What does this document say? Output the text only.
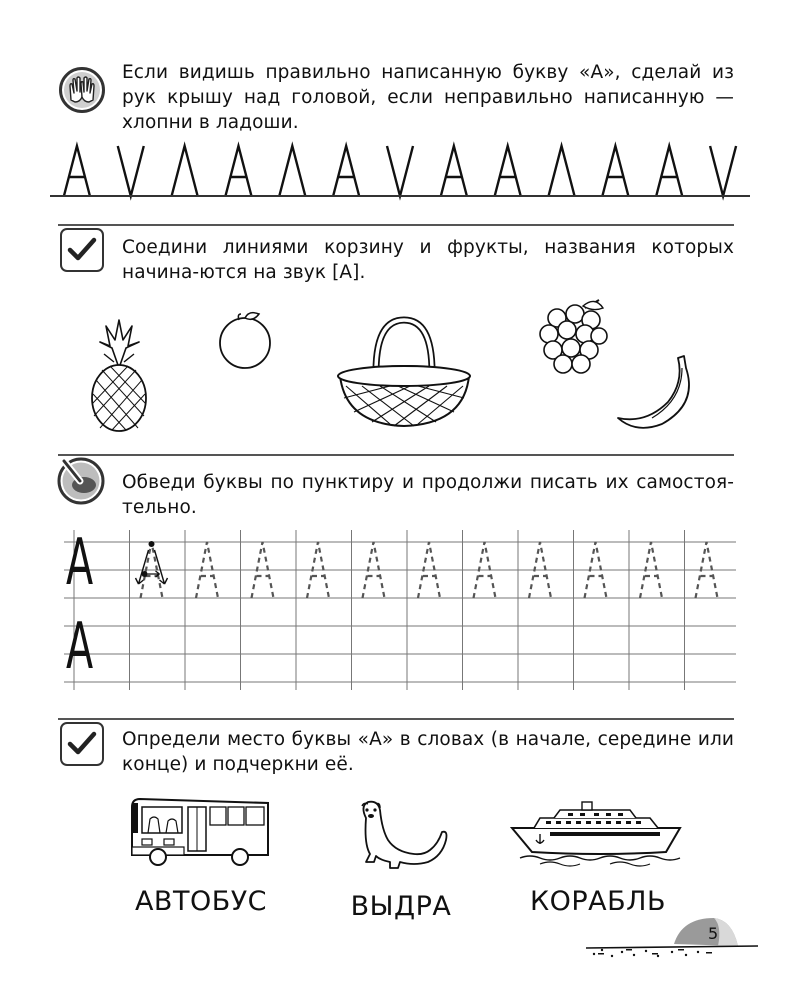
Если видишь правильно написанную букву «А», сделай из рук крышу над головой, если неправильно написанную — хлопни в ладоши.
Соедини линиями корзину и фрукты, названия которых начина-ются на звук [А].
Обведи буквы по пунктиру и продолжи писать их самостоя-тельно.
А
А
Определи место буквы «А» в словах (в начале, середине или конце) и подчеркни её.
АВТОБУС	ВЫДРА	КОРАБЛЬ
5
